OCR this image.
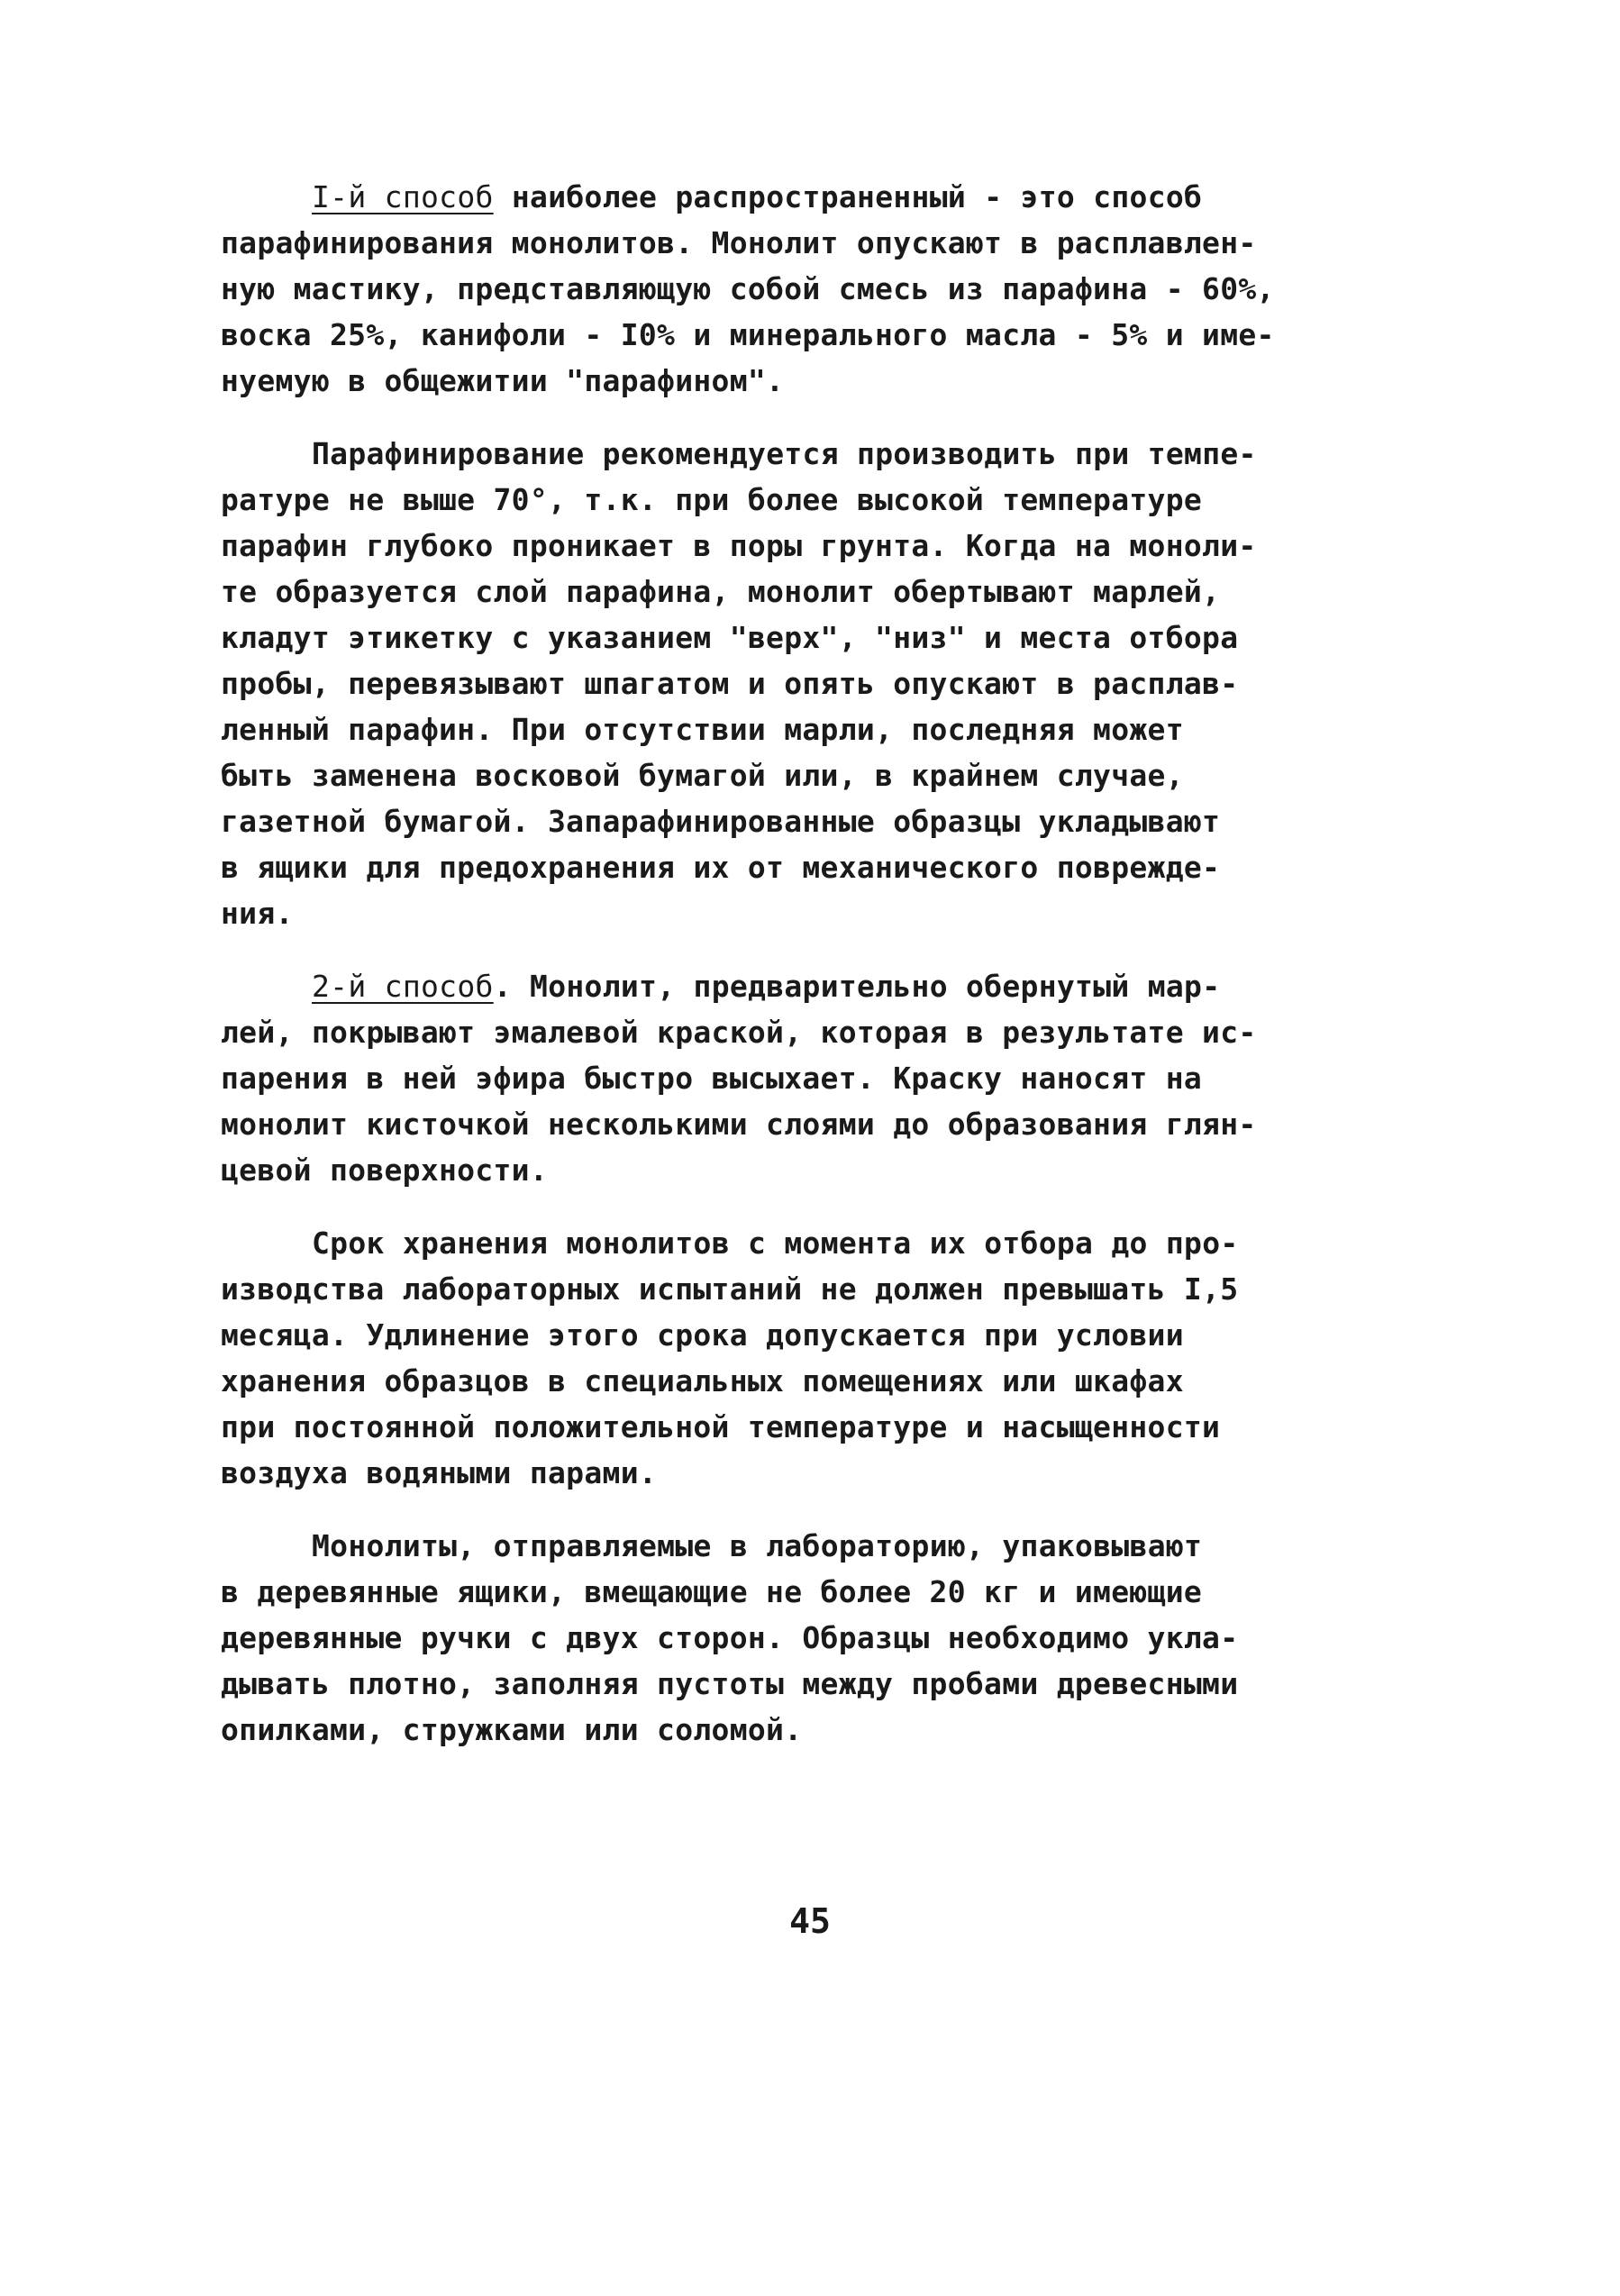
I-й способ наиболее распространенный - это способ
парафинирования монолитов. Монолит опускают в расплавлен-
ную мастику, представляющую собой смесь из парафина - 60%,
воска 25%, канифоли - I0% и минерального масла - 5% и име-
нуемую в общежитии "парафином".

Парафинирование рекомендуется производить при темпе-
ратуре не выше 70°, т.к. при более высокой температуре
парафин глубоко проникает в поры грунта. Когда на моноли-
те образуется слой парафина, монолит обертывают марлей,
кладут этикетку с указанием "верх", "низ" и места отбора
пробы, перевязывают шпагатом и опять опускают в расплав-
ленный парафин. При отсутствии марли, последняя может
быть заменена восковой бумагой или, в крайнем случае,
газетной бумагой. Запарафинированные образцы укладывают
в ящики для предохранения их от механического поврежде-
ния.

2-й способ. Монолит, предварительно обернутый мар-
лей, покрывают эмалевой краской, которая в результате ис-
парения в ней эфира быстро высыхает. Краску наносят на
монолит кисточкой несколькими слоями до образования глян-
цевой поверхности.

Срок хранения монолитов с момента их отбора до про-
изводства лабораторных испытаний не должен превышать I,5
месяца. Удлинение этого срока допускается при условии
хранения образцов в специальных помещениях или шкафах
при постоянной положительной температуре и насыщенности
воздуха водяными парами.

Монолиты, отправляемые в лабораторию, упаковывают
в деревянные ящики, вмещающие не более 20 кг и имеющие
деревянные ручки с двух сторон. Образцы необходимо укла-
дывать плотно, заполняя пустоты между пробами древесными
опилками, стружками или соломой.

45
